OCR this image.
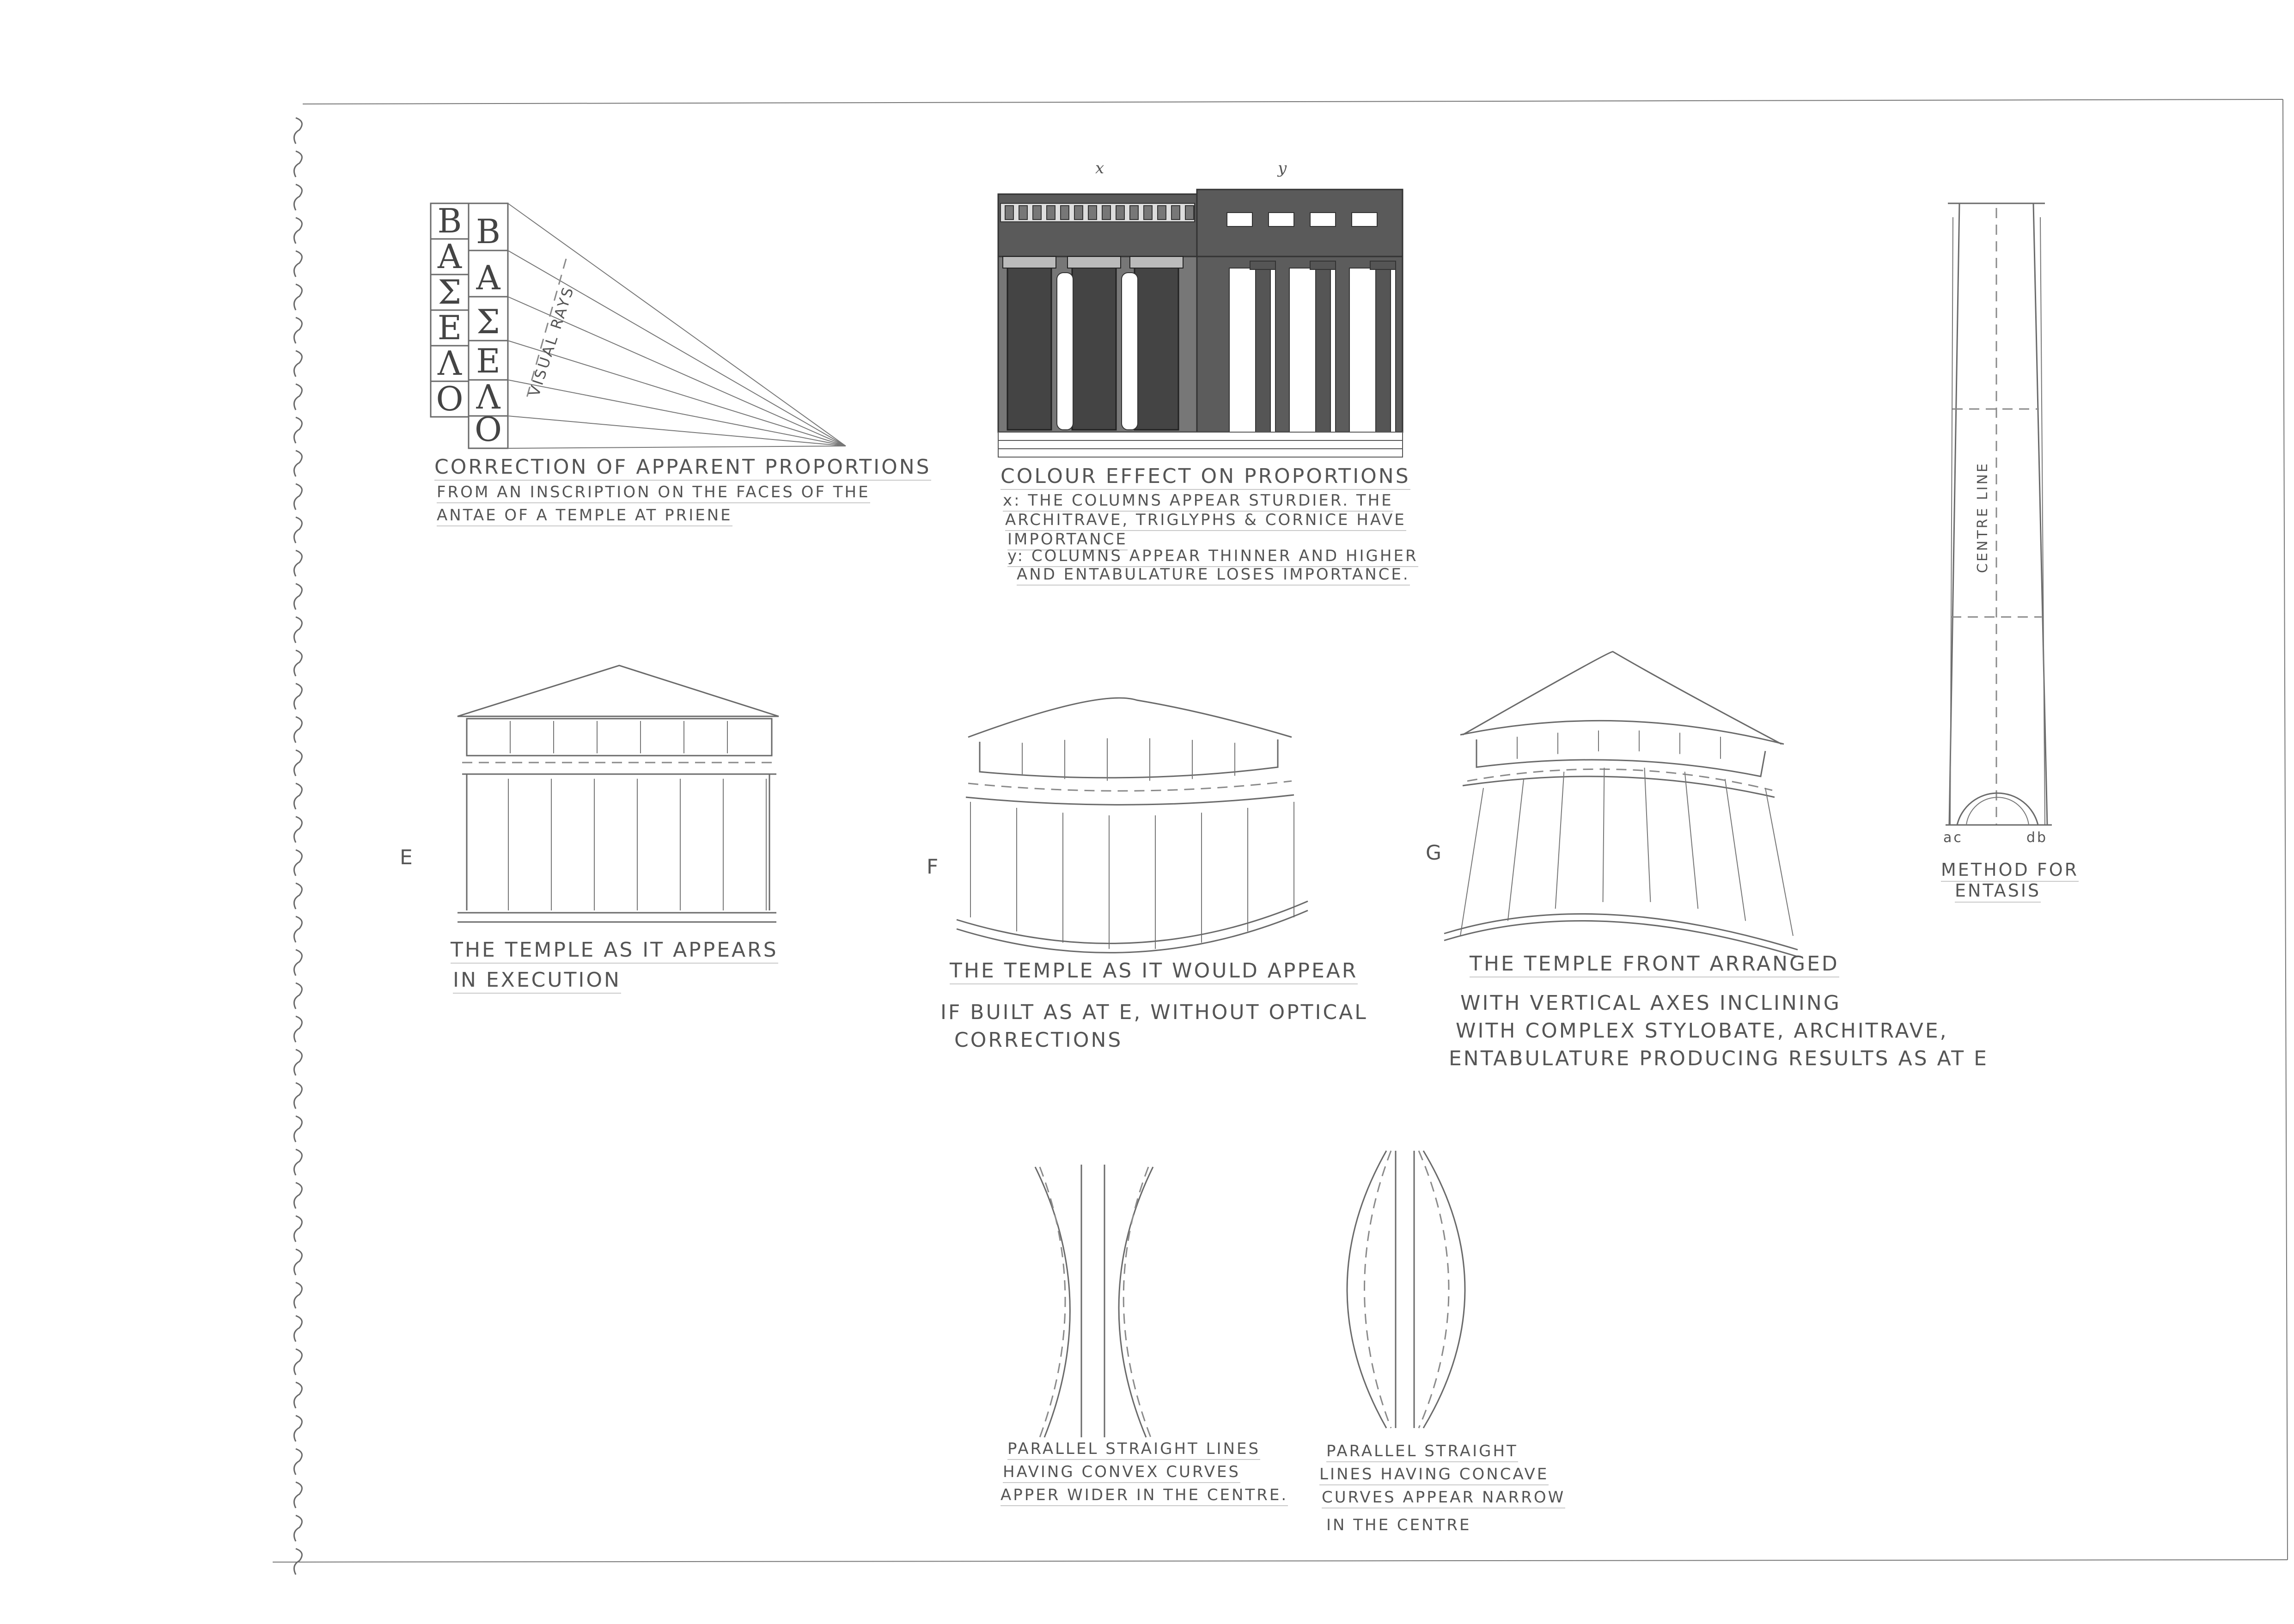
Β
Α
Σ
Ε
Λ
Ο
Β
Α
Σ
Ε
Λ
Ο
VISUAL RAYS
x	y
CENTRE LINE
CORRECTION OF APPARENT PROPORTIONS
FROM AN INSCRIPTION ON THE FACES OF THE
ANTAE OF A TEMPLE AT PRIENE
COLOUR EFFECT ON PROPORTIONS
x: THE COLUMNS APPEAR STURDIER. THE
ARCHITRAVE, TRIGLYPHS & CORNICE HAVE
IMPORTANCE
y: COLUMNS APPEAR THINNER AND HIGHER
AND ENTABULATURE LOSES IMPORTANCE.
ac	db
METHOD FOR
ENTASIS
E
THE TEMPLE AS IT APPEARS
IN EXECUTION
F
THE TEMPLE AS IT WOULD APPEAR
IF BUILT AS AT E, WITHOUT OPTICAL
CORRECTIONS
G
THE TEMPLE FRONT ARRANGED
WITH VERTICAL AXES INCLINING
WITH COMPLEX STYLOBATE, ARCHITRAVE,
ENTABULATURE PRODUCING RESULTS AS AT E
PARALLEL STRAIGHT LINES
HAVING CONVEX CURVES
APPER WIDER IN THE CENTRE.
PARALLEL STRAIGHT
LINES HAVING CONCAVE
CURVES APPEAR NARROW
IN THE CENTRE
